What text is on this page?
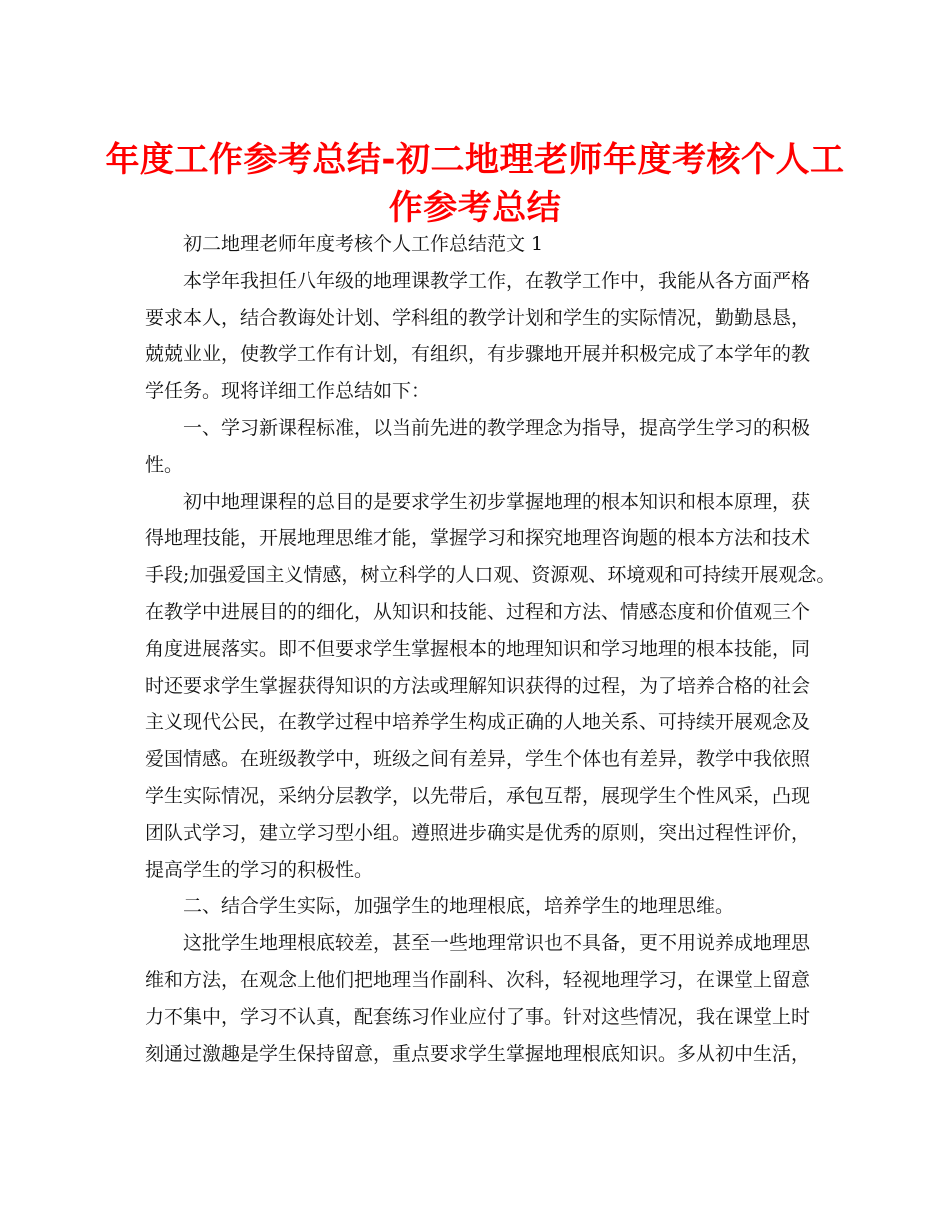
年度工作参考总结-初二地理老师年度考核个人工
作参考总结
初二地理老师年度考核个人工作总结范文 1
本学年我担任八年级的地理课教学工作，在教学工作中，我能从各方面严格
要求本人，结合教诲处计划、学科组的教学计划和学生的实际情况，勤勤恳恳，
兢兢业业，使教学工作有计划，有组织，有步骤地开展并积极完成了本学年的教
学任务。现将详细工作总结如下：
一、学习新课程标准，以当前先进的教学理念为指导，提高学生学习的积极
性。
初中地理课程的总目的是要求学生初步掌握地理的根本知识和根本原理，获
得地理技能，开展地理思维才能，掌握学习和探究地理咨询题的根本方法和技术
手段;加强爱国主义情感，树立科学的人口观、资源观、环境观和可持续开展观念。
在教学中进展目的的细化，从知识和技能、过程和方法、情感态度和价值观三个
角度进展落实。即不但要求学生掌握根本的地理知识和学习地理的根本技能，同
时还要求学生掌握获得知识的方法或理解知识获得的过程，为了培养合格的社会
主义现代公民，在教学过程中培养学生构成正确的人地关系、可持续开展观念及
爱国情感。在班级教学中，班级之间有差异，学生个体也有差异，教学中我依照
学生实际情况，采纳分层教学，以先带后，承包互帮，展现学生个性风采，凸现
团队式学习，建立学习型小组。遵照进步确实是优秀的原则，突出过程性评价，
提高学生的学习的积极性。
二、结合学生实际，加强学生的地理根底，培养学生的地理思维。
这批学生地理根底较差，甚至一些地理常识也不具备，更不用说养成地理思
维和方法，在观念上他们把地理当作副科、次科，轻视地理学习，在课堂上留意
力不集中，学习不认真，配套练习作业应付了事。针对这些情况，我在课堂上时
刻通过激趣是学生保持留意，重点要求学生掌握地理根底知识。多从初中生活，
